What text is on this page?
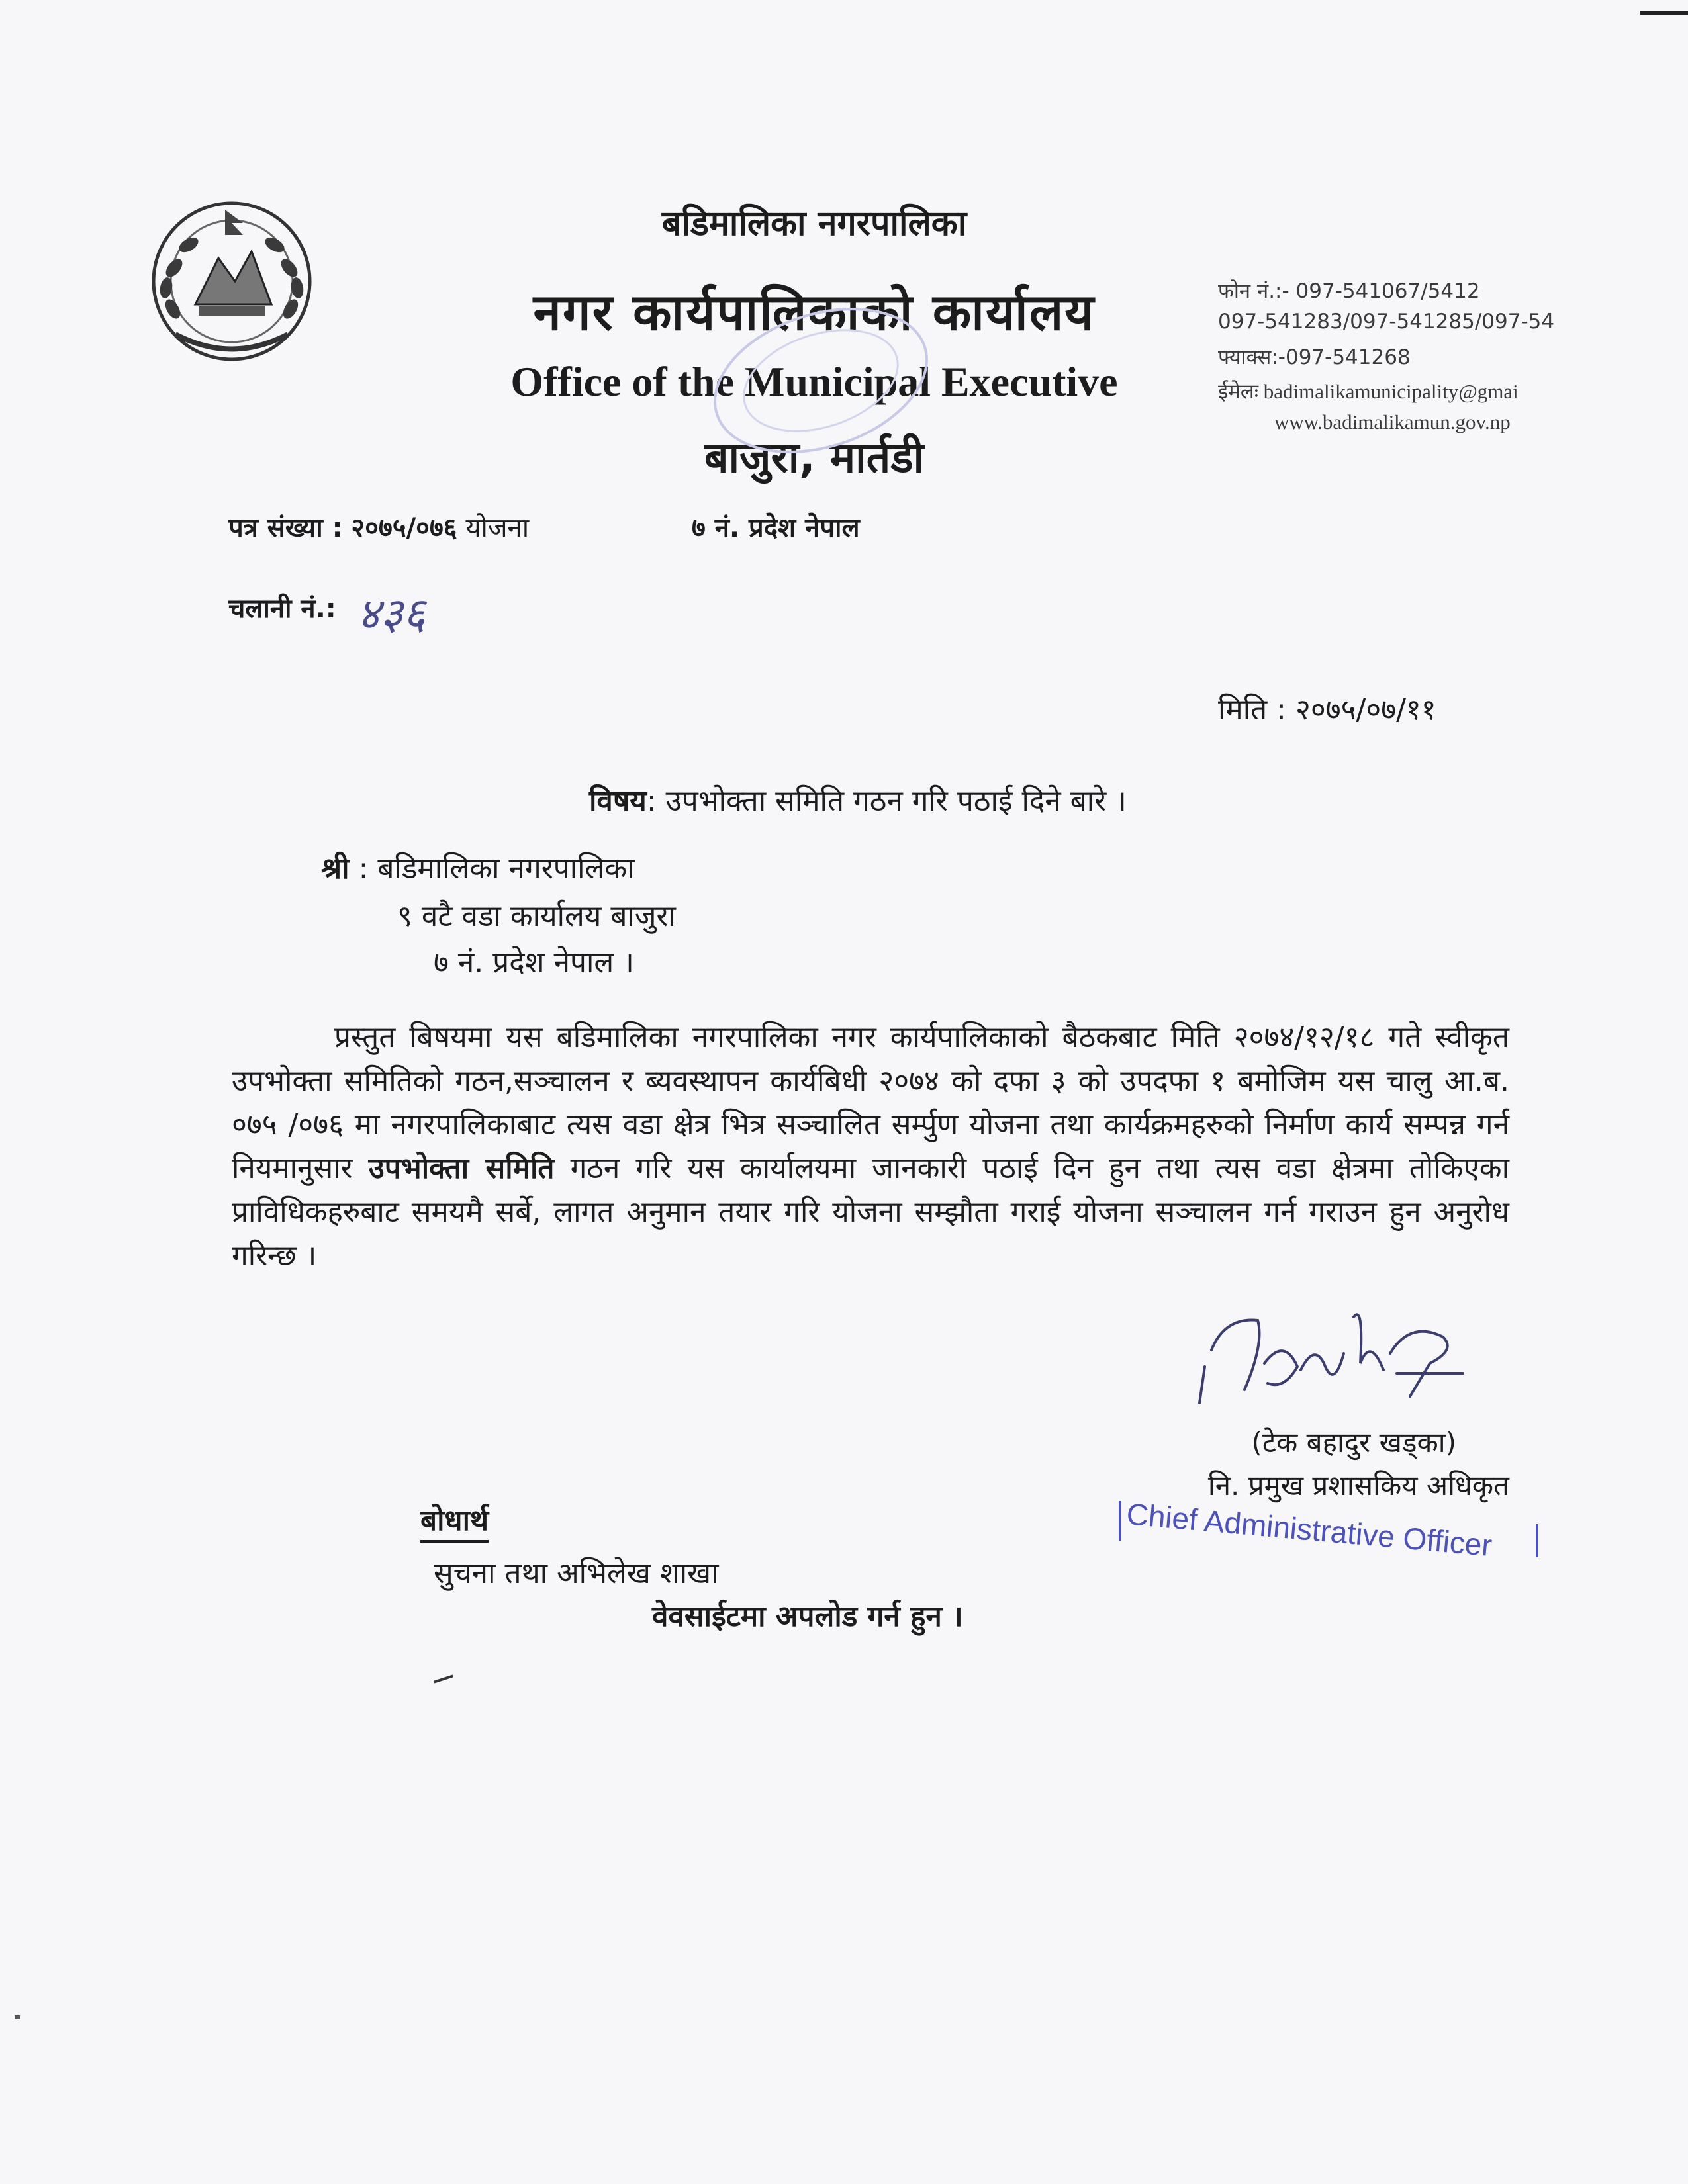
बडिमालिका नगरपालिका
नगर कार्यपालिकाको कार्यालय
Office of the Municipal Executive
बाजुरा, मार्तडी
फोन नं.:- 097-541067/5412
097-541283/097-541285/097-54
फ्याक्स:-097-541268
ईमेलः badimalikamunicipality@gmai
www.badimalikamun.gov.np
पत्र संख्या : २०७५/०७६ योजना	७ नं. प्रदेश नेपाल
चलानी नं.: ४३६
मिति : २०७५/०७/११
विषय: उपभोक्ता समिति गठन गरि पठाई दिने बारे ।
श्री : बडिमालिका नगरपालिका
९ वटै वडा कार्यालय बाजुरा
७ नं. प्रदेश नेपाल ।
प्रस्तुत बिषयमा यस बडिमालिका नगरपालिका नगर कार्यपालिकाको बैठकबाट मिति २०७४/१२/१८ गते स्वीकृत उपभोक्ता समितिको गठन,सञ्चालन र ब्यवस्थापन कार्यबिधी २०७४ को दफा ३ को उपदफा १ बमोजिम यस चालु आ.ब. ०७५ /०७६ मा नगरपालिकाबाट त्यस वडा क्षेत्र भित्र सञ्चालित सर्म्पुण योजना तथा कार्यक्रमहरुको निर्माण कार्य सम्पन्न गर्न नियमानुसार उपभोक्ता समिति गठन गरि यस कार्यालयमा जानकारी पठाई दिन हुन तथा त्यस वडा क्षेत्रमा तोकिएका प्राविधिकहरुबाट समयमै सर्बे, लागत अनुमान तयार गरि योजना सम्झौता गराई योजना सञ्चालन गर्न गराउन हुन अनुरोध गरिन्छ ।
(टेक बहादुर खड्का)
नि. प्रमुख प्रशासकिय अधिकृत
Chief Administrative Officer
बोधार्थ
सुचना तथा अभिलेख शाखा
वेवसाईटमा अपलोड गर्न हुन ।
